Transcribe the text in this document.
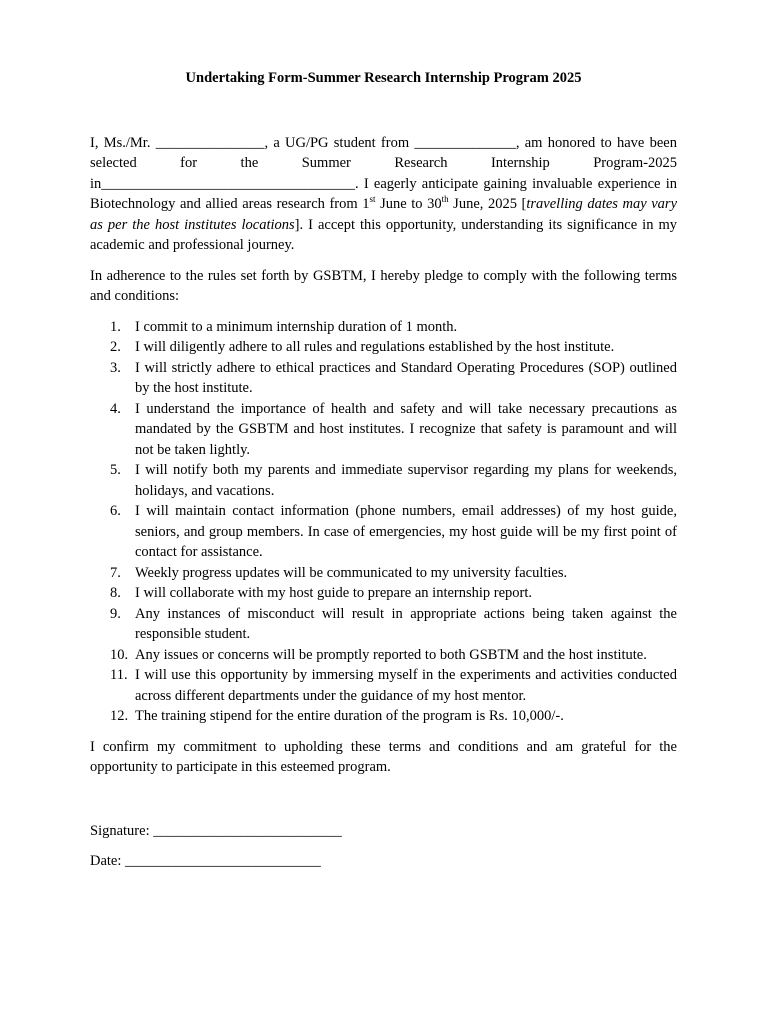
Undertaking Form-Summer Research Internship Program 2025

I, Ms./Mr. _______________, a UG/PG student from ______________, am honored to have been selected for the Summer Research Internship Program-2025 in___________________________________. I eagerly anticipate gaining invaluable experience in Biotechnology and allied areas research from 1st June to 30th June, 2025 [travelling dates may vary as per the host institutes locations]. I accept this opportunity, understanding its significance in my academic and professional journey.

In adherence to the rules set forth by GSBTM, I hereby pledge to comply with the following terms and conditions:

1. I commit to a minimum internship duration of 1 month.
2. I will diligently adhere to all rules and regulations established by the host institute.
3. I will strictly adhere to ethical practices and Standard Operating Procedures (SOP) outlined by the host institute.
4. I understand the importance of health and safety and will take necessary precautions as mandated by the GSBTM and host institutes. I recognize that safety is paramount and will not be taken lightly.
5. I will notify both my parents and immediate supervisor regarding my plans for weekends, holidays, and vacations.
6. I will maintain contact information (phone numbers, email addresses) of my host guide, seniors, and group members. In case of emergencies, my host guide will be my first point of contact for assistance.
7. Weekly progress updates will be communicated to my university faculties.
8. I will collaborate with my host guide to prepare an internship report.
9. Any instances of misconduct will result in appropriate actions being taken against the responsible student.
10. Any issues or concerns will be promptly reported to both GSBTM and the host institute.
11. I will use this opportunity by immersing myself in the experiments and activities conducted across different departments under the guidance of my host mentor.
12. The training stipend for the entire duration of the program is Rs. 10,000/-.

I confirm my commitment to upholding these terms and conditions and am grateful for the opportunity to participate in this esteemed program.

Signature: __________________________
Date: ___________________________
